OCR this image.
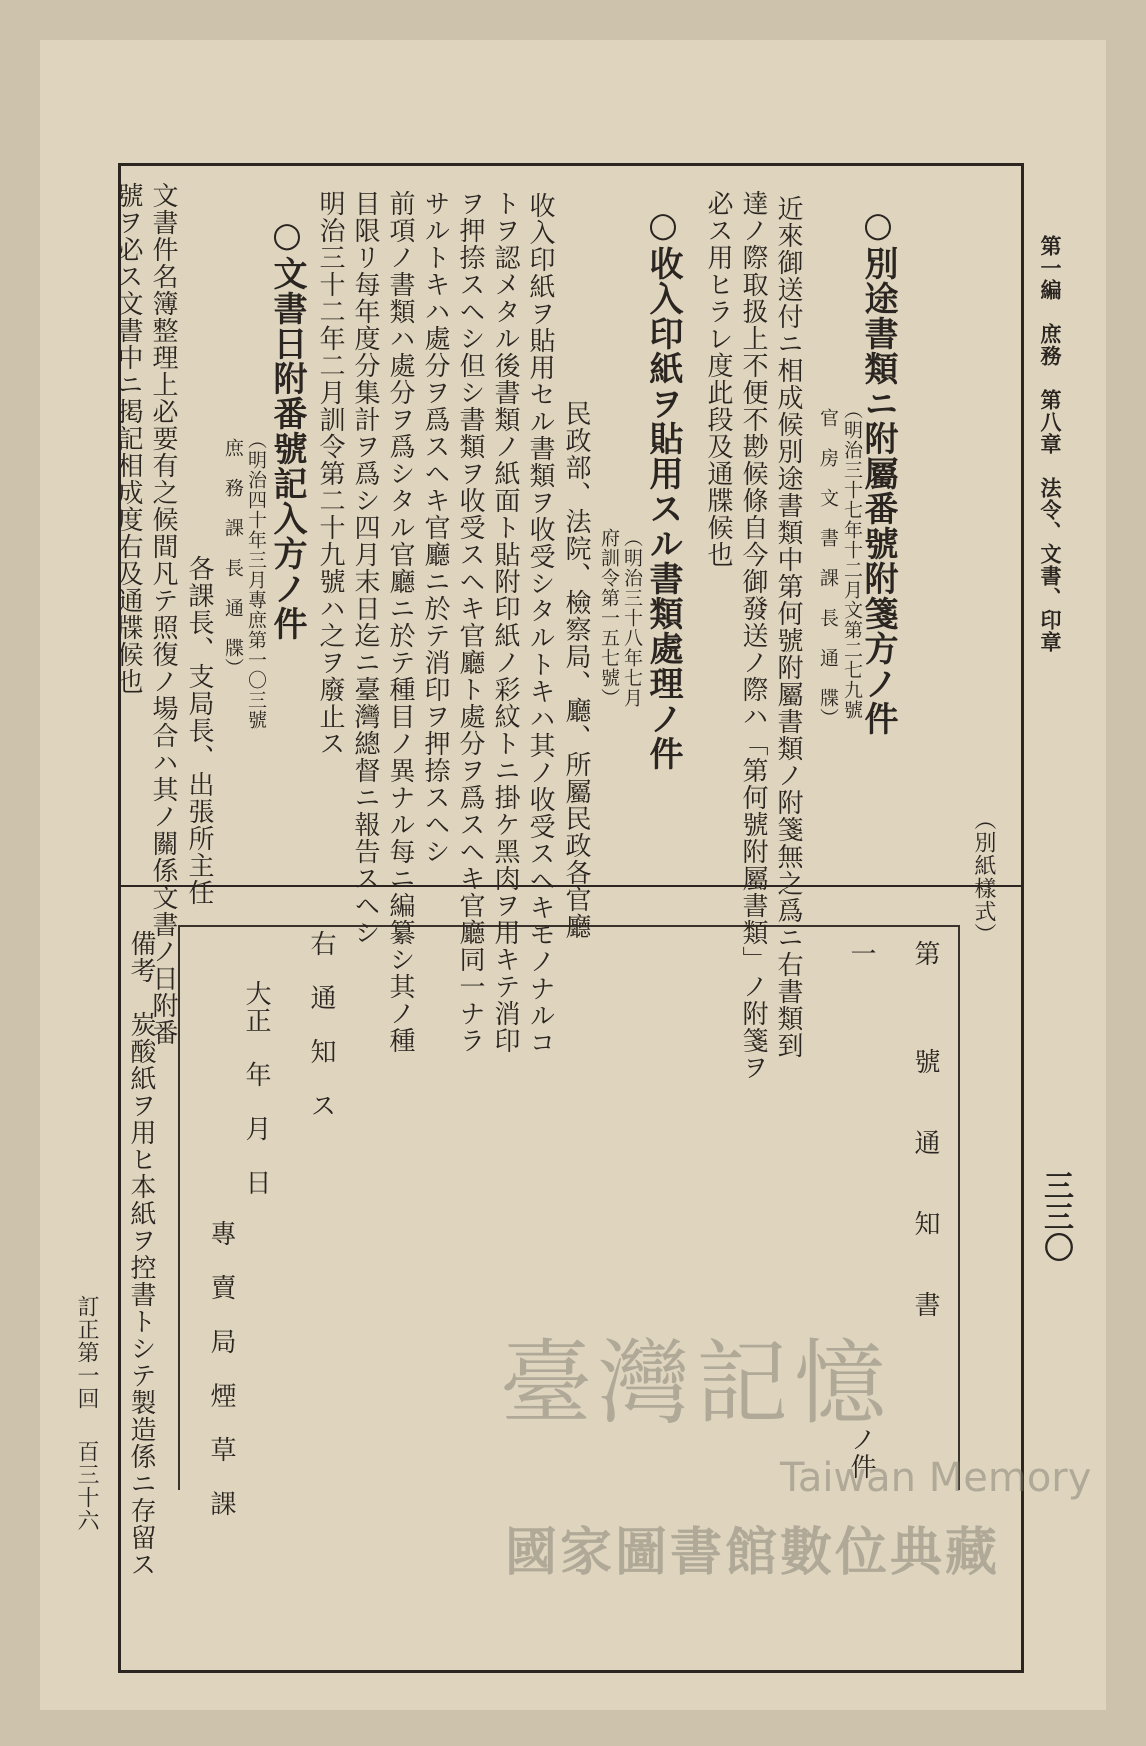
第一編　庶務　第八章　法令、文書、印章
三三〇
○別途書類ニ附屬番號附箋方ノ件
（明治三十七年十二月文第二七九號
官　房　文　書　課　長　通　牒）
近來御送付ニ相成候別途書類中第何號附屬書類ノ附箋無之爲ニ右書類到
達ノ際取扱上不便不尠候條自今御發送ノ際ハ「第何號附屬書類」ノ附箋ヲ
必ス用ヒラレ度此段及通牒候也
○收入印紙ヲ貼用スル書類處理ノ件
（明治三十八年七月
府訓令第一五七號）
民政部、法院、檢察局、廳、所屬民政各官廳
收入印紙ヲ貼用セル書類ヲ收受シタルトキハ其ノ收受スヘキモノナルコ
トヲ認メタル後書類ノ紙面ト貼附印紙ノ彩紋トニ掛ケ黑肉ヲ用キテ消印
ヲ押捺スヘシ但シ書類ヲ收受スヘキ官廳ト處分ヲ爲スヘキ官廳同一ナラ
サルトキハ處分ヲ爲スヘキ官廳ニ於テ消印ヲ押捺スヘシ
前項ノ書類ハ處分ヲ爲シタル官廳ニ於テ種目ノ異ナル每ニ編纂シ其ノ種
目限リ每年度分集計ヲ爲シ四月末日迄ニ臺灣總督ニ報告スヘシ
明治三十二年二月訓令第二十九號ハ之ヲ廢止ス
○文書日附番號記入方ノ件
（明治四十年三月專庶第一〇三號
庶　務　課　長　通　牒）
各課長、支局長、出張所主任
文書件名簿整理上必要有之候間凡テ照復ノ場合ハ其ノ關係文書ノ日附番
號ヲ必ス文書中ニ掲記相成度右及通牒候也
（別紙樣式）
第　　　號　　通　　知　　書
一　　　　　　　　　　　　　　　　　ノ件
右　通　知　ス
大正　年　月　日
專　賣　局　煙　草　課
備考　炭酸紙ヲ用ヒ本紙ヲ控書トシテ製造係ニ存留ス
訂正第一回
百三十六
臺灣記憶
Taiwan Memory
國家圖書館數位典藏
